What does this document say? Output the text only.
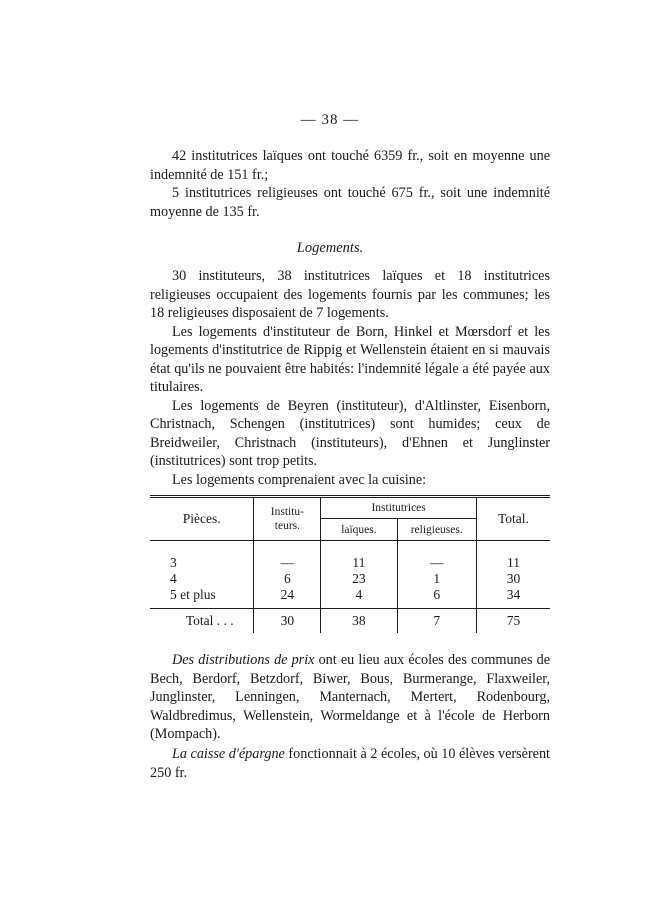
— 38 —

42 institutrices laïques ont touché 6359 fr., soit en moyenne une indemnité de 151 fr.;

5 institutrices religieuses ont touché 675 fr., soit une indemnité moyenne de 135 fr.

Logements.

30 instituteurs, 38 institutrices laïques et 18 institutrices religieuses occupaient des logements fournis par les communes; les 18 religieuses disposaient de 7 logements.

Les logements d'instituteur de Born, Hinkel et Mœrsdorf et les logements d'institutrice de Rippig et Wellenstein étaient en si mauvais état qu'ils ne pouvaient être habités: l'indemnité légale a été payée aux titulaires.

Les logements de Beyren (instituteur), d'Altlinster, Eisenborn, Christnach, Schengen (institutrices) sont humides; ceux de Breidweiler, Christnach (instituteurs), d'Ehnen et Junglinster (institutrices) sont trop petits.

Les logements comprenaient avec la cuisine:

Pièces.	Institu-teurs.	Institutrices		Total.
		laïques.	religieuses.	

3	—	11	—	11
4	6	23	1	30
5 et plus	24	4	6	34

Total . . .	30	38	7	75

Des distributions de prix ont eu lieu aux écoles des communes de Bech, Berdorf, Betzdorf, Biwer, Bous, Burmerange, Flaxweiler, Junglinster, Lenningen, Manternach, Mertert, Rodenbourg, Waldbredimus, Wellenstein, Wormeldange et à l'école de Herborn (Mompach).

La caisse d'épargne fonctionnait à 2 écoles, où 10 élèves versèrent 250 fr.
